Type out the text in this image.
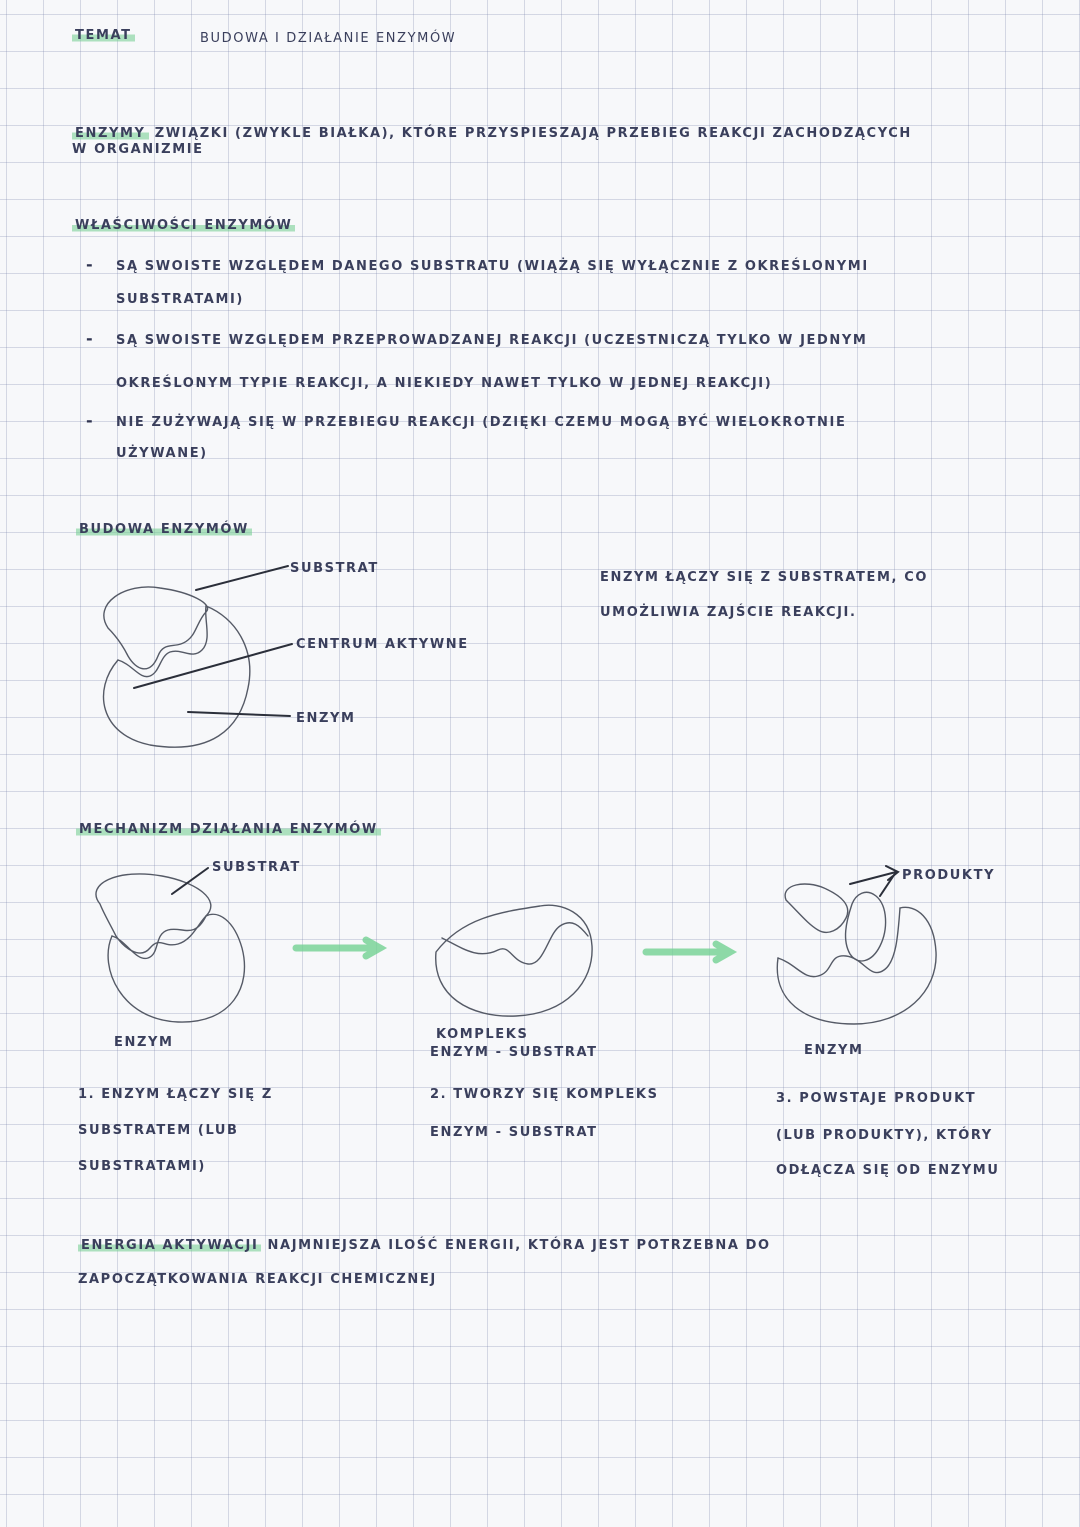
TEMAT	BUDOWA I DZIAŁANIE ENZYMÓW
ENZYMY ZWIĄZKI (ZWYKLE BIAŁKA), KTÓRE PRZYSPIESZAJĄ PRZEBIEG REAKCJI ZACHODZĄCYCH
W ORGANIZMIE
WŁAŚCIWOŚCI ENZYMÓW
- SĄ SWOISTE WZGLĘDEM DANEGO SUBSTRATU (WIĄŻĄ SIĘ WYŁĄCZNIE Z OKREŚLONYMI
SUBSTRATAMI)
- SĄ SWOISTE WZGLĘDEM PRZEPROWADZANEJ REAKCJI (UCZESTNICZĄ TYLKO W JEDNYM
OKREŚLONYM TYPIE REAKCJI, A NIEKIEDY NAWET TYLKO W JEDNEJ REAKCJI)
- NIE ZUŻYWAJĄ SIĘ W PRZEBIEGU REAKCJI (DZIĘKI CZEMU MOGĄ BYĆ WIELOKROTNIE
UŻYWANE)
BUDOWA ENZYMÓW
SUBSTRAT
CENTRUM AKTYWNE
ENZYM
ENZYM ŁĄCZY SIĘ Z SUBSTRATEM, CO
UMOŻLIWIA ZAJŚCIE REAKCJI.
MECHANIZM DZIAŁANIA ENZYMÓW
SUBSTRAT
PRODUKTY
ENZYM
KOMPLEKS
ENZYM - SUBSTRAT	ENZYM
1. ENZYM ŁĄCZY SIĘ Z
SUBSTRATEM (LUB
SUBSTRATAMI)
2. TWORZY SIĘ KOMPLEKS
ENZYM - SUBSTRAT
3. POWSTAJE PRODUKT
(LUB PRODUKTY), KTÓRY
ODŁĄCZA SIĘ OD ENZYMU
ENERGIA AKTYWACJI NAJMNIEJSZA ILOŚĆ ENERGII, KTÓRA JEST POTRZEBNA DO
ZAPOCZĄTKOWANIA REAKCJI CHEMICZNEJ
